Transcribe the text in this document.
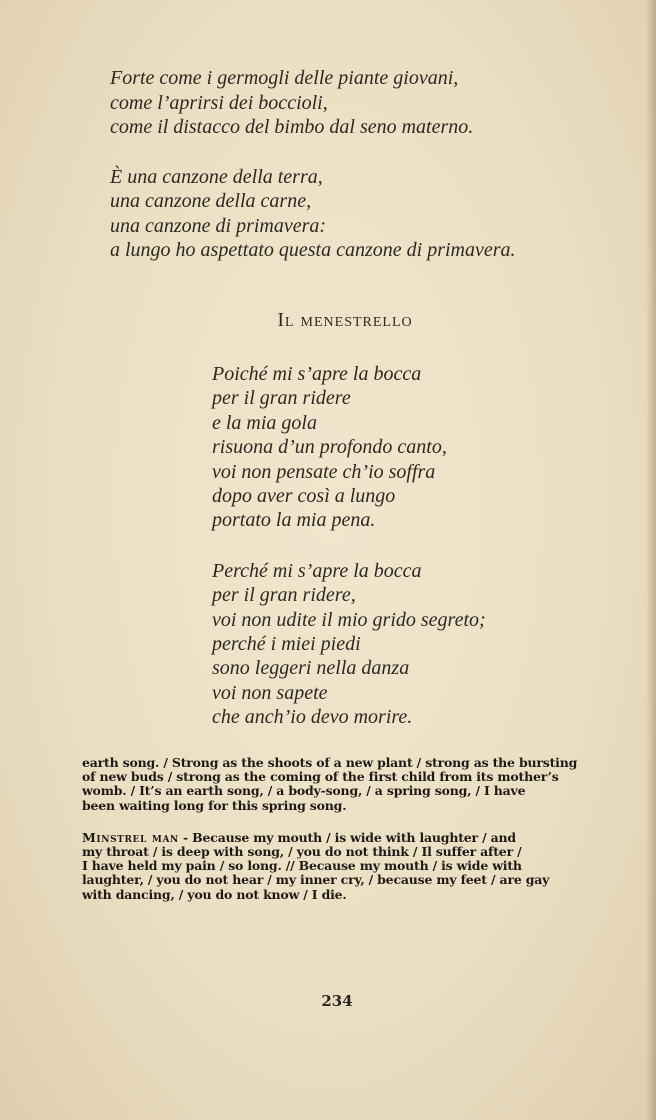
Forte come i germogli delle piante giovani,
come l’aprirsi dei boccioli,
come il distacco del bimbo dal seno materno.
È una canzone della terra,
una canzone della carne,
una canzone di primavera:
a lungo ho aspettato questa canzone di primavera.
Il menestrello
Poiché mi s’apre la bocca
per il gran ridere
e la mia gola
risuona d’un profondo canto,
voi non pensate ch’io soffra
dopo aver così a lungo
portato la mia pena.
Perché mi s’apre la bocca
per il gran ridere,
voi non udite il mio grido segreto;
perché i miei piedi
sono leggeri nella danza
voi non sapete
che anch’io devo morire.

earth song. / Strong as the shoots of a new plant / strong as the bursting
of new buds / strong as the coming of the first child from its mother’s
womb. / It’s an earth song, / a body-song, / a spring song, / I have
been waiting long for this spring song.

Minstrel man - Because my mouth / is wide with laughter / and
my throat / is deep with song, / you do not think / Il suffer after /
I have held my pain / so long. // Because my mouth / is wide with
laughter, / you do not hear / my inner cry, / because my feet / are gay
with dancing, / you do not know / I die.

234
